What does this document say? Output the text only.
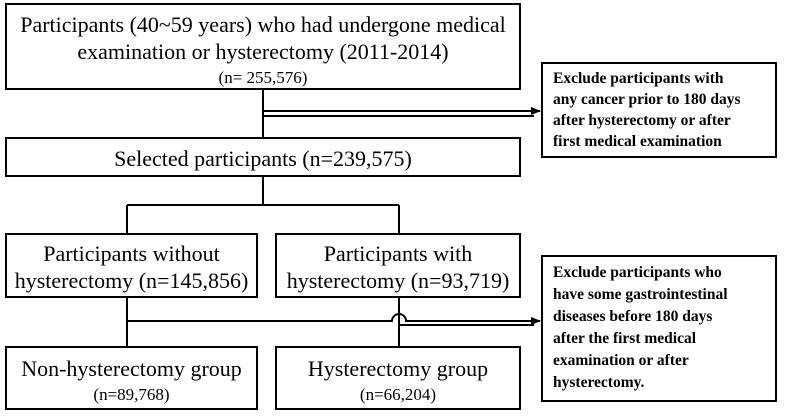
Participants (40~59 years) who had undergone medical
examination or hysterectomy (2011-2014)
(n= 255,576)	Exclude participants with
any cancer prior to 180 days
after hysterectomy or after
first medical examination
Selected participants (n=239,575)
Participants without
hysterectomy (n=145,856)
Participants with
hysterectomy (n=93,719)	Exclude participants who
have some gastrointestinal
diseases before 180 days
after the first medical
examination or after
hysterectomy.
Non-hysterectomy group
(n=89,768)
Hysterectomy group
(n=66,204)
